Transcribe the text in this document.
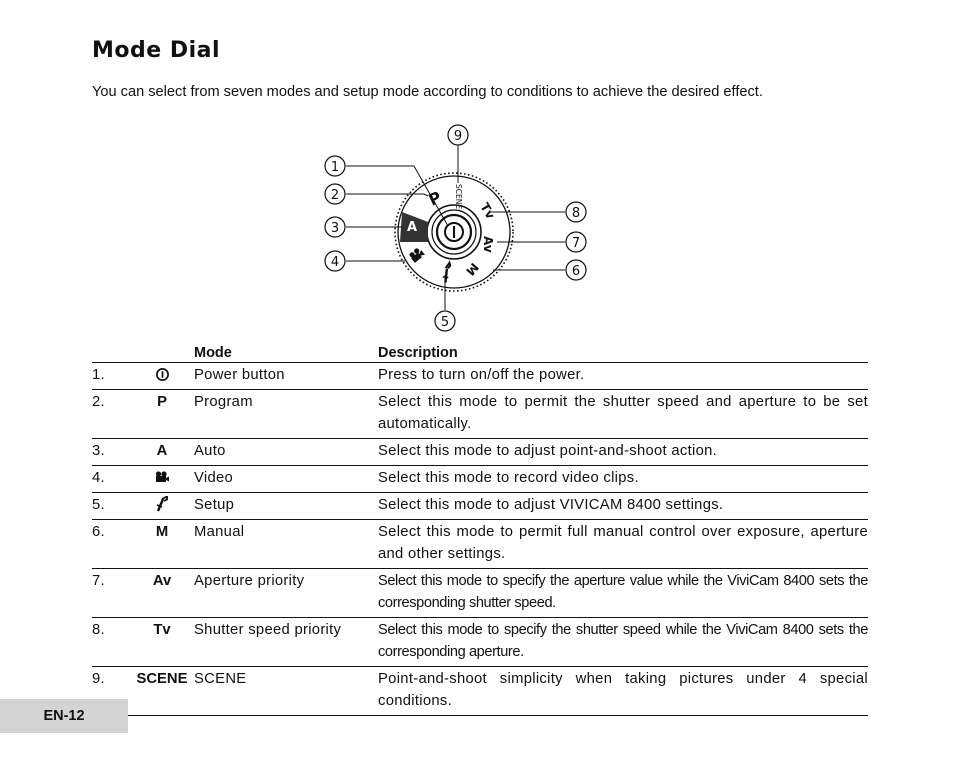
Mode Dial

You can select from seven modes and setup mode according to conditions to achieve the desired effect.

A
P SCENE
Tv
Av
M
1
2
3
4
5
6
7
8
9
		Mode	Description
1.		Power button	Press to turn on/off the power.
2.	P	Program	Select this mode to permit the shutter speed and aperture to be set automatically.
3.	A	Auto	Select this mode to adjust point-and-shoot action.
4.		Video	Select this mode to record video clips.
5.		Setup	Select this mode to adjust VIVICAM 8400 settings.
6.	M	Manual	Select this mode to permit full manual control over exposure, aperture and other settings.
7.	Av	Aperture priority	Select this mode to specify the aperture value while the ViviCam 8400 sets the corresponding shutter speed.
8.	Tv	Shutter speed priority	Select this mode to specify the shutter speed while the ViviCam 8400 sets the corresponding aperture.
9.	SCENE	SCENE	Point-and-shoot simplicity when taking pictures under 4 special conditions.
EN-12
